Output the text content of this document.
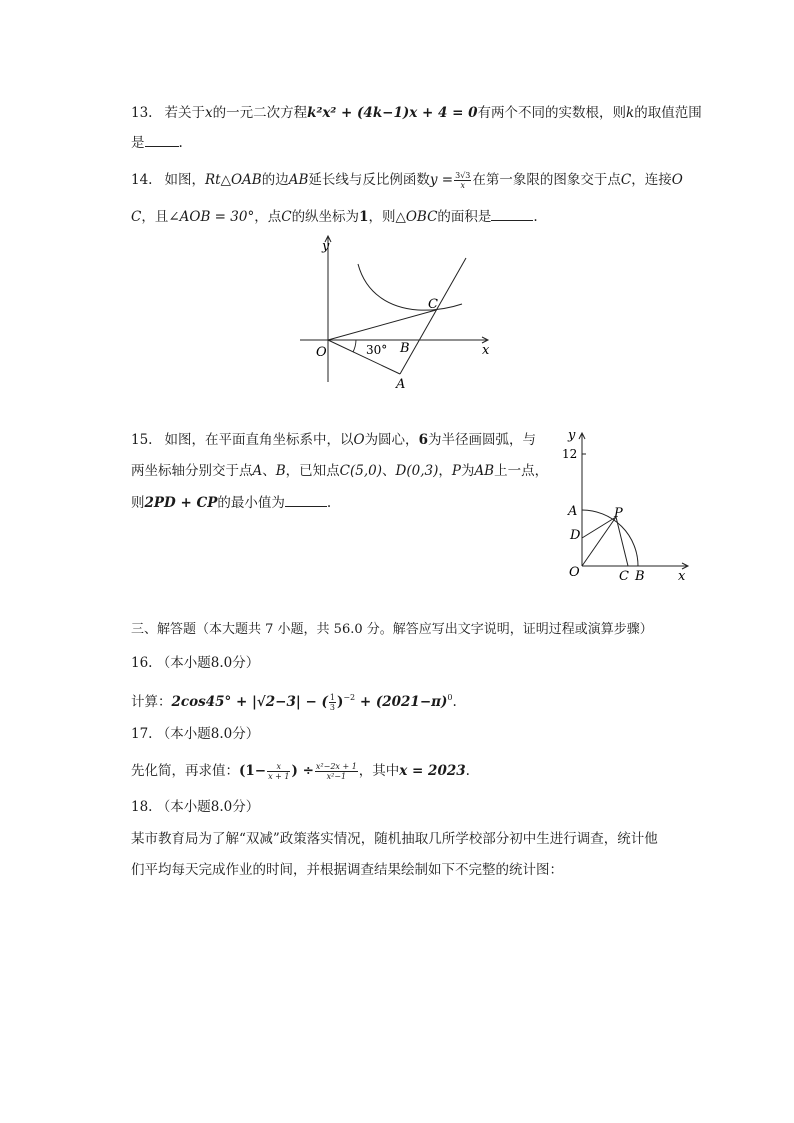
13. 若关于x的一元二次方程k²x² + (4k−1)x + 4 = 0有两个不同的实数根，则k的取值范围
是	.
14. 如图，Rt△OAB的边AB延长线与反比例函数$y = \frac{3√3}{x}$ 在第一象限的图象交于点C，连接O
C，且∠AOB = 30°，点C的纵坐标为1，则△OBC的面积是	.
y
x
O	B
A
C
30°
15. 如图，在平面直角坐标系中，以O为圆心，6为半径画圆弧，与
两坐标轴分别交于点A、B，已知点C(5,0)、D(0,3)，P为AB上一点，
则2PD + CP的最小值为	.
y
12
A	P
D
O	C B	x
三、解答题（本大题共 7 小题，共 56.0 分。解答应写出文字说明，证明过程或演算步骤）
16. （本小题8.0分）
计算：2cos45° + |√2−3| − ( $\frac{1}{3} )^{-2} + (2021-\pi)^0$.
17. （本小题8.0分）
先化简，再求值：($1- \frac{x}{x + 1}$ ) ÷ $\frac{\text{x²−2x + 1}}{\text{x²−1}}$ ，其中x = 2023.
18. （本小题8.0分）
某市教育局为了解“双减”政策落实情况，随机抽取几所学校部分初中生进行调查，统计他
们平均每天完成作业的时间，并根据调查结果绘制如下不完整的统计图：
